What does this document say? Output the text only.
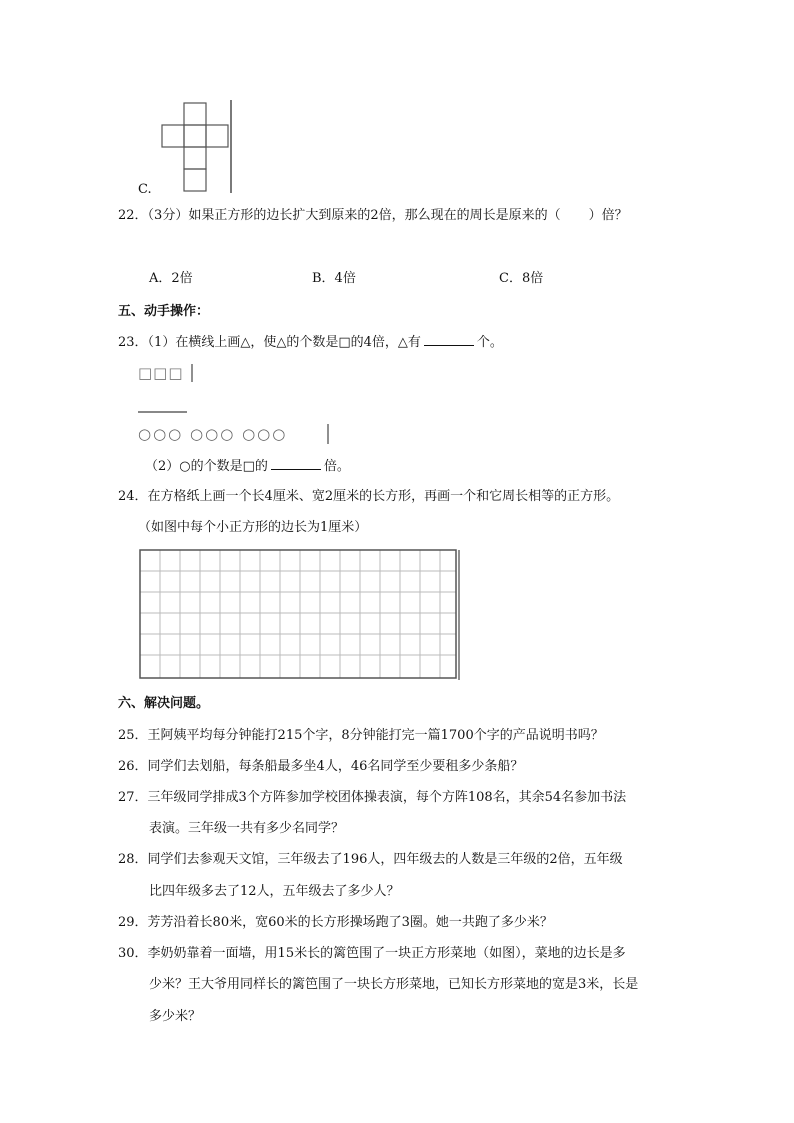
C.
22．（3分）如果正方形的边长扩大到原来的2倍，那么现在的周长是原来的（ ）倍？
A．2倍	B．4倍	C．8倍
五、动手操作：
23．（1）在横线上画△，使△的个数是□的4倍，△有	个。
□□□
○○○ ○○○ ○○○
（2）○的个数是□的	倍。
24．在方格纸上画一个长4厘米、宽2厘米的长方形，再画一个和它周长相等的正方形。
（如图中每个小正方形的边长为1厘米）
六、解决问题。
25．王阿姨平均每分钟能打215个字，8分钟能打完一篇1700个字的产品说明书吗？
26．同学们去划船，每条船最多坐4人，46名同学至少要租多少条船？
27．三年级同学排成3个方阵参加学校团体操表演，每个方阵108名，其余54名参加书法
表演。三年级一共有多少名同学？
28．同学们去参观天文馆，三年级去了196人，四年级去的人数是三年级的2倍，五年级
比四年级多去了12人，五年级去了多少人？
29．芳芳沿着长80米，宽60米的长方形操场跑了3圈。她一共跑了多少米？
30．李奶奶靠着一面墙，用15米长的篱笆围了一块正方形菜地（如图），菜地的边长是多
少米？王大爷用同样长的篱笆围了一块长方形菜地，已知长方形菜地的宽是3米，长是
多少米？
